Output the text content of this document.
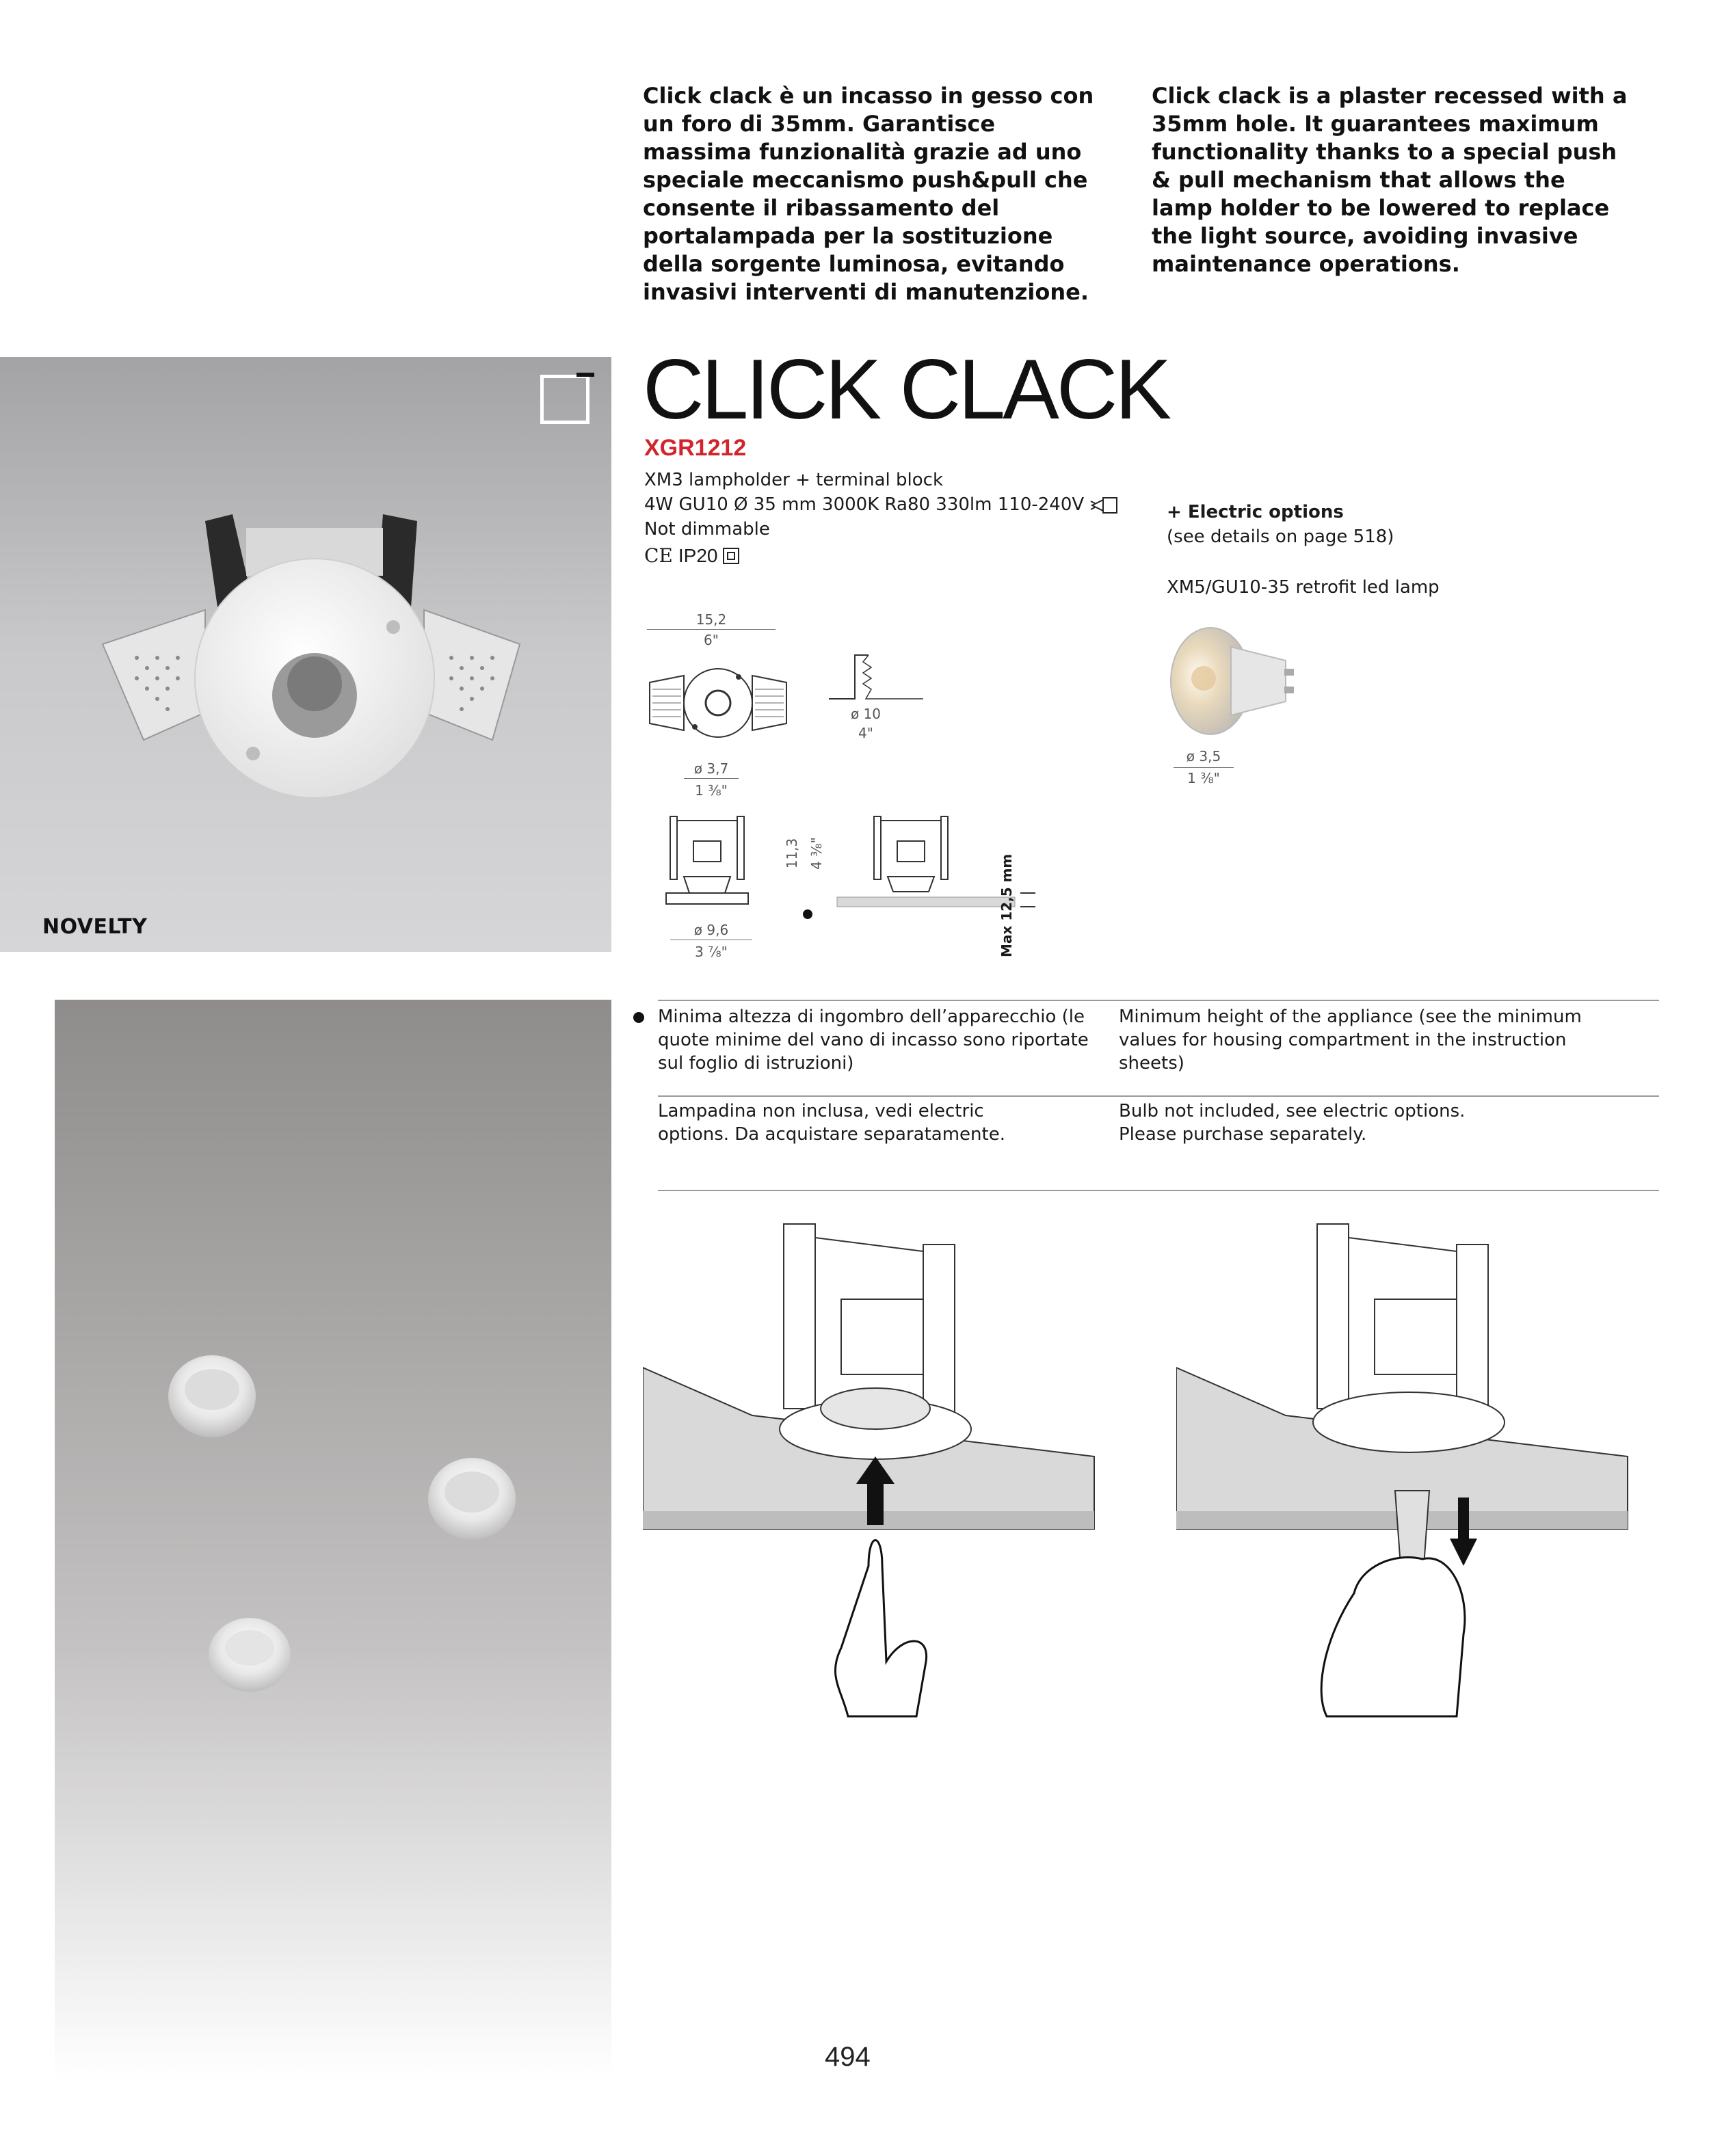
Click clack è un incasso in gesso con un foro di 35mm. Garantisce massima funzionalità grazie ad uno speciale meccanismo push&pull che consente il ribassamento del portalampada per la sostituzione della sorgente luminosa, evitando invasivi interventi di manutenzione.
Click clack is a plaster recessed with a 35mm hole. It guarantees maximum functionality thanks to a special push & pull mechanism that allows the lamp holder to be lowered to replace the light source, avoiding invasive maintenance operations.
NOVELTY
CLICK CLACK
XGR1212
XM3 lampholder + terminal block
4W GU10 Ø 35 mm 3000K Ra80 330lm 110-240V
Not dimmable
CE IP20
15,2
6"
ø 10
4"
ø 3,7
1 ⅜"
11,3 4 ⅜"
ø 9,6
3 ⅞"	Max 12,5 mm
+ Electric options
(see details on page 518)
XM5/GU10-35 retrofit led lamp
ø 3,5
1 ⅜"
Minima altezza di ingombro dell’apparecchio (le quote minime del vano di incasso sono riportate sul foglio di istruzioni)
Minimum height of the appliance (see the minimum values for housing compartment in the instruction sheets)
Lampadina non inclusa, vedi electric options. Da acquistare separatamente.
Bulb not included, see electric options. Please purchase separately.
494
